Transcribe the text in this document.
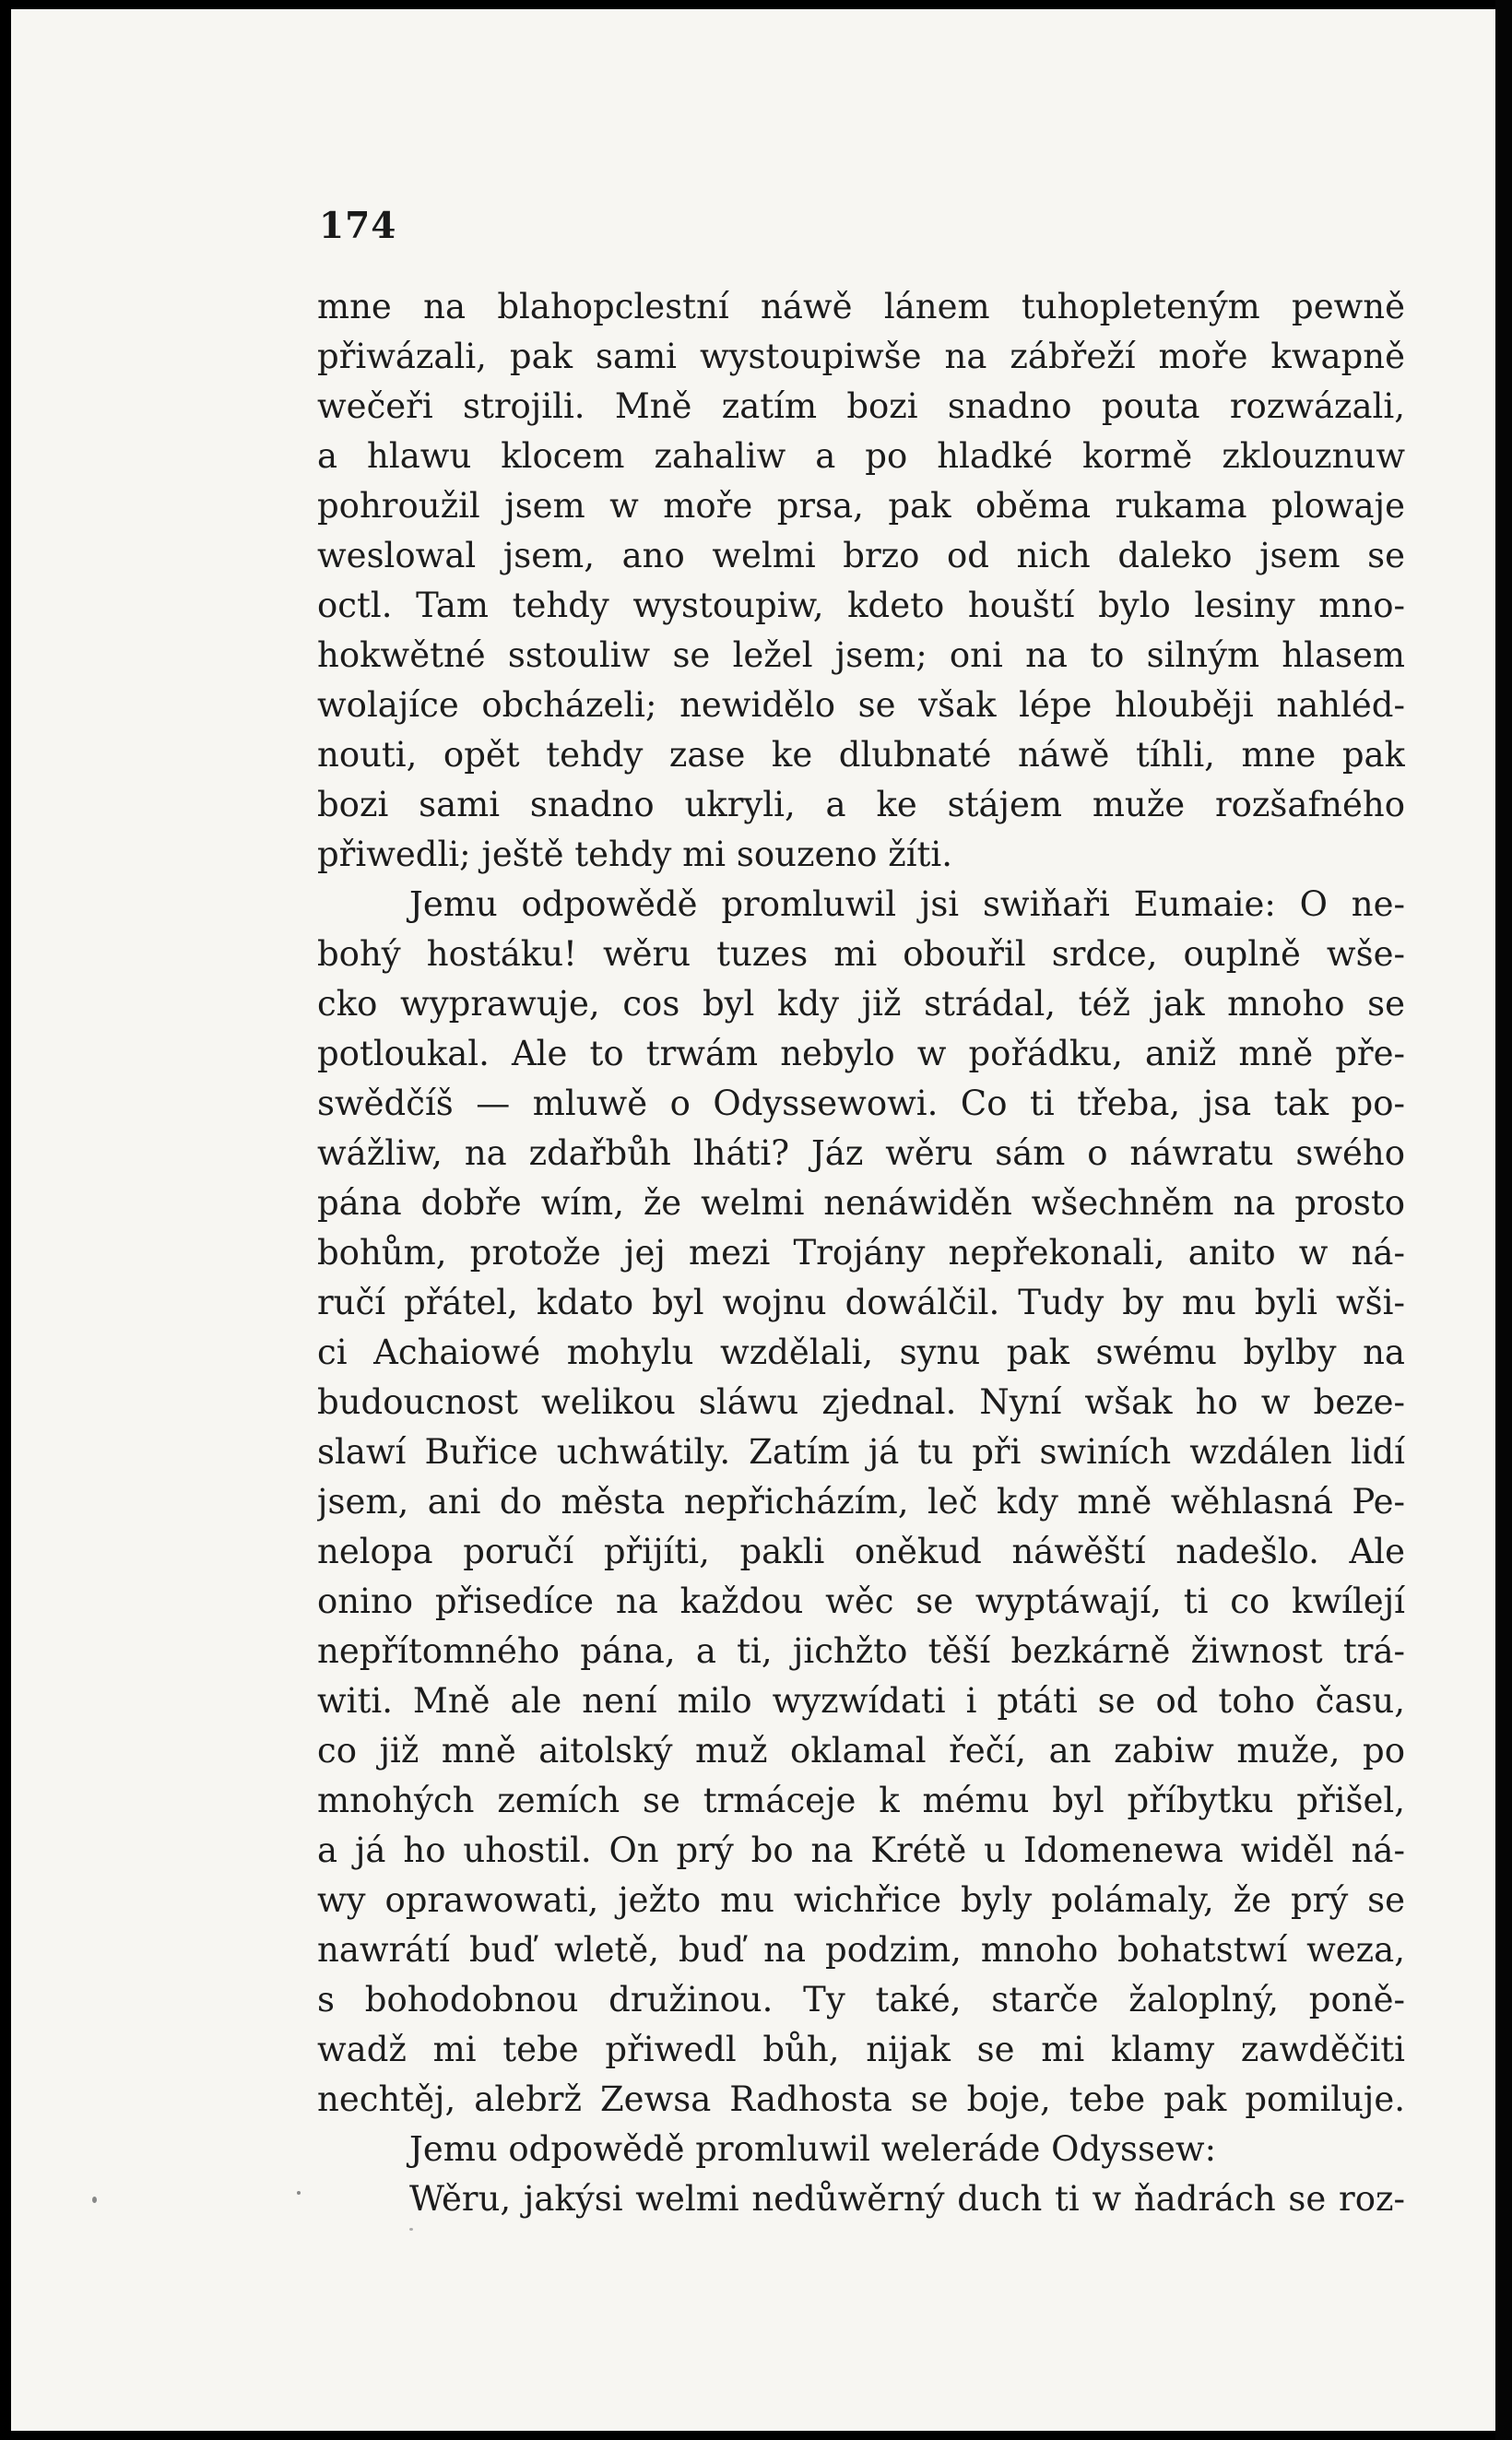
174

mne na blahopclestní náwě lánem tuhopletený́m pewně
přiwázali, pak sami wystoupiwše na zábřeží moře kwapně
wečeři strojili. Mně zatím bozi snadno pouta rozwázali,
a hlawu klocem zahaliw a po hladké kormě zklouznuw
pohroužil jsem w moře prsa, pak oběma rukama plowaje
weslowal jsem, ano welmi brzo od nich daleko jsem se
octl. Tam tehdy wystoupiw, kdeto houští bylo lesiny mno-
hokwětné sstouliw se ležel jsem; oni na to silným hlasem
wolajíce obcházeli; newidělo se však lépe hlouběji nahléd-
nouti, opět tehdy zase ke dlubnaté náwě tíhli, mne pak
bozi sami snadno ukryli, a ke stájem muže rozšafného
přiwedli; ještě tehdy mi souzeno žíti.
Jemu odpowědě promluwil jsi swiňaři Eumaie: O ne-
bohý hostáku! wěru tuzes mi obouřil srdce, ouplně wše-
cko wyprawuje, cos byl kdy již strádal, též jak mnoho se
potloukal. Ale to trwám nebylo w pořádku, aniž mně pře-
swědčíš — mluwě o Odyssewowi. Co ti třeba, jsa tak po-
wážliw, na zdařbůh lháti? Jáz wěru sám o náwratu swého
pána dobře wím, že welmi nenáwiděn wšechněm na prosto
bohům, protože jej mezi Trojány nepřekonali, anito w ná-
ručí přátel, kdato byl wojnu dowálčil. Tudy by mu byli wši-
ci Achaiowé mohylu wzdělali, synu pak swému bylby na
budoucnost welikou sláwu zjednal. Nyní wšak ho w beze-
slawí Buřice uchwátily. Zatím já tu při swiních wzdálen lidí
jsem, ani do města nepřicházím, leč kdy mně wěhlasná Pe-
nelopa poručí přijíti, pakli oněkud náwěští nadešlo. Ale
onino přisedíce na každou wěc se wyptáwají, ti co kwílejí
nepřítomného pána, a ti, jichžto těší bezkárně žiwnost trá-
witi. Mně ale není milo wyzwídati i ptáti se od toho času,
co již mně aitolský muž oklamal řečí, an zabiw muže, po
mnohých zemích se trmáceje k mému byl příbytku přišel,
a já ho uhostil. On prý bo na Krétě u Idomenewa widěl ná-
wy oprawowati, ježto mu wichřice byly polámaly, že prý se
nawrátí buď wletě, buď na podzim, mnoho bohatstwí weza,
s bohodobnou družinou. Ty také, starče žaloplný, poně-
wadž mi tebe přiwedl bůh, nijak se mi klamy zawděčiti
nechtěj, alebrž Zewsa Radhosta se boje, tebe pak pomiluje.
Jemu odpowědě promluwil weleráde Odyssew:
Wěru, jakýsi welmi nedůwěrný duch ti w ňadrách se roz-
